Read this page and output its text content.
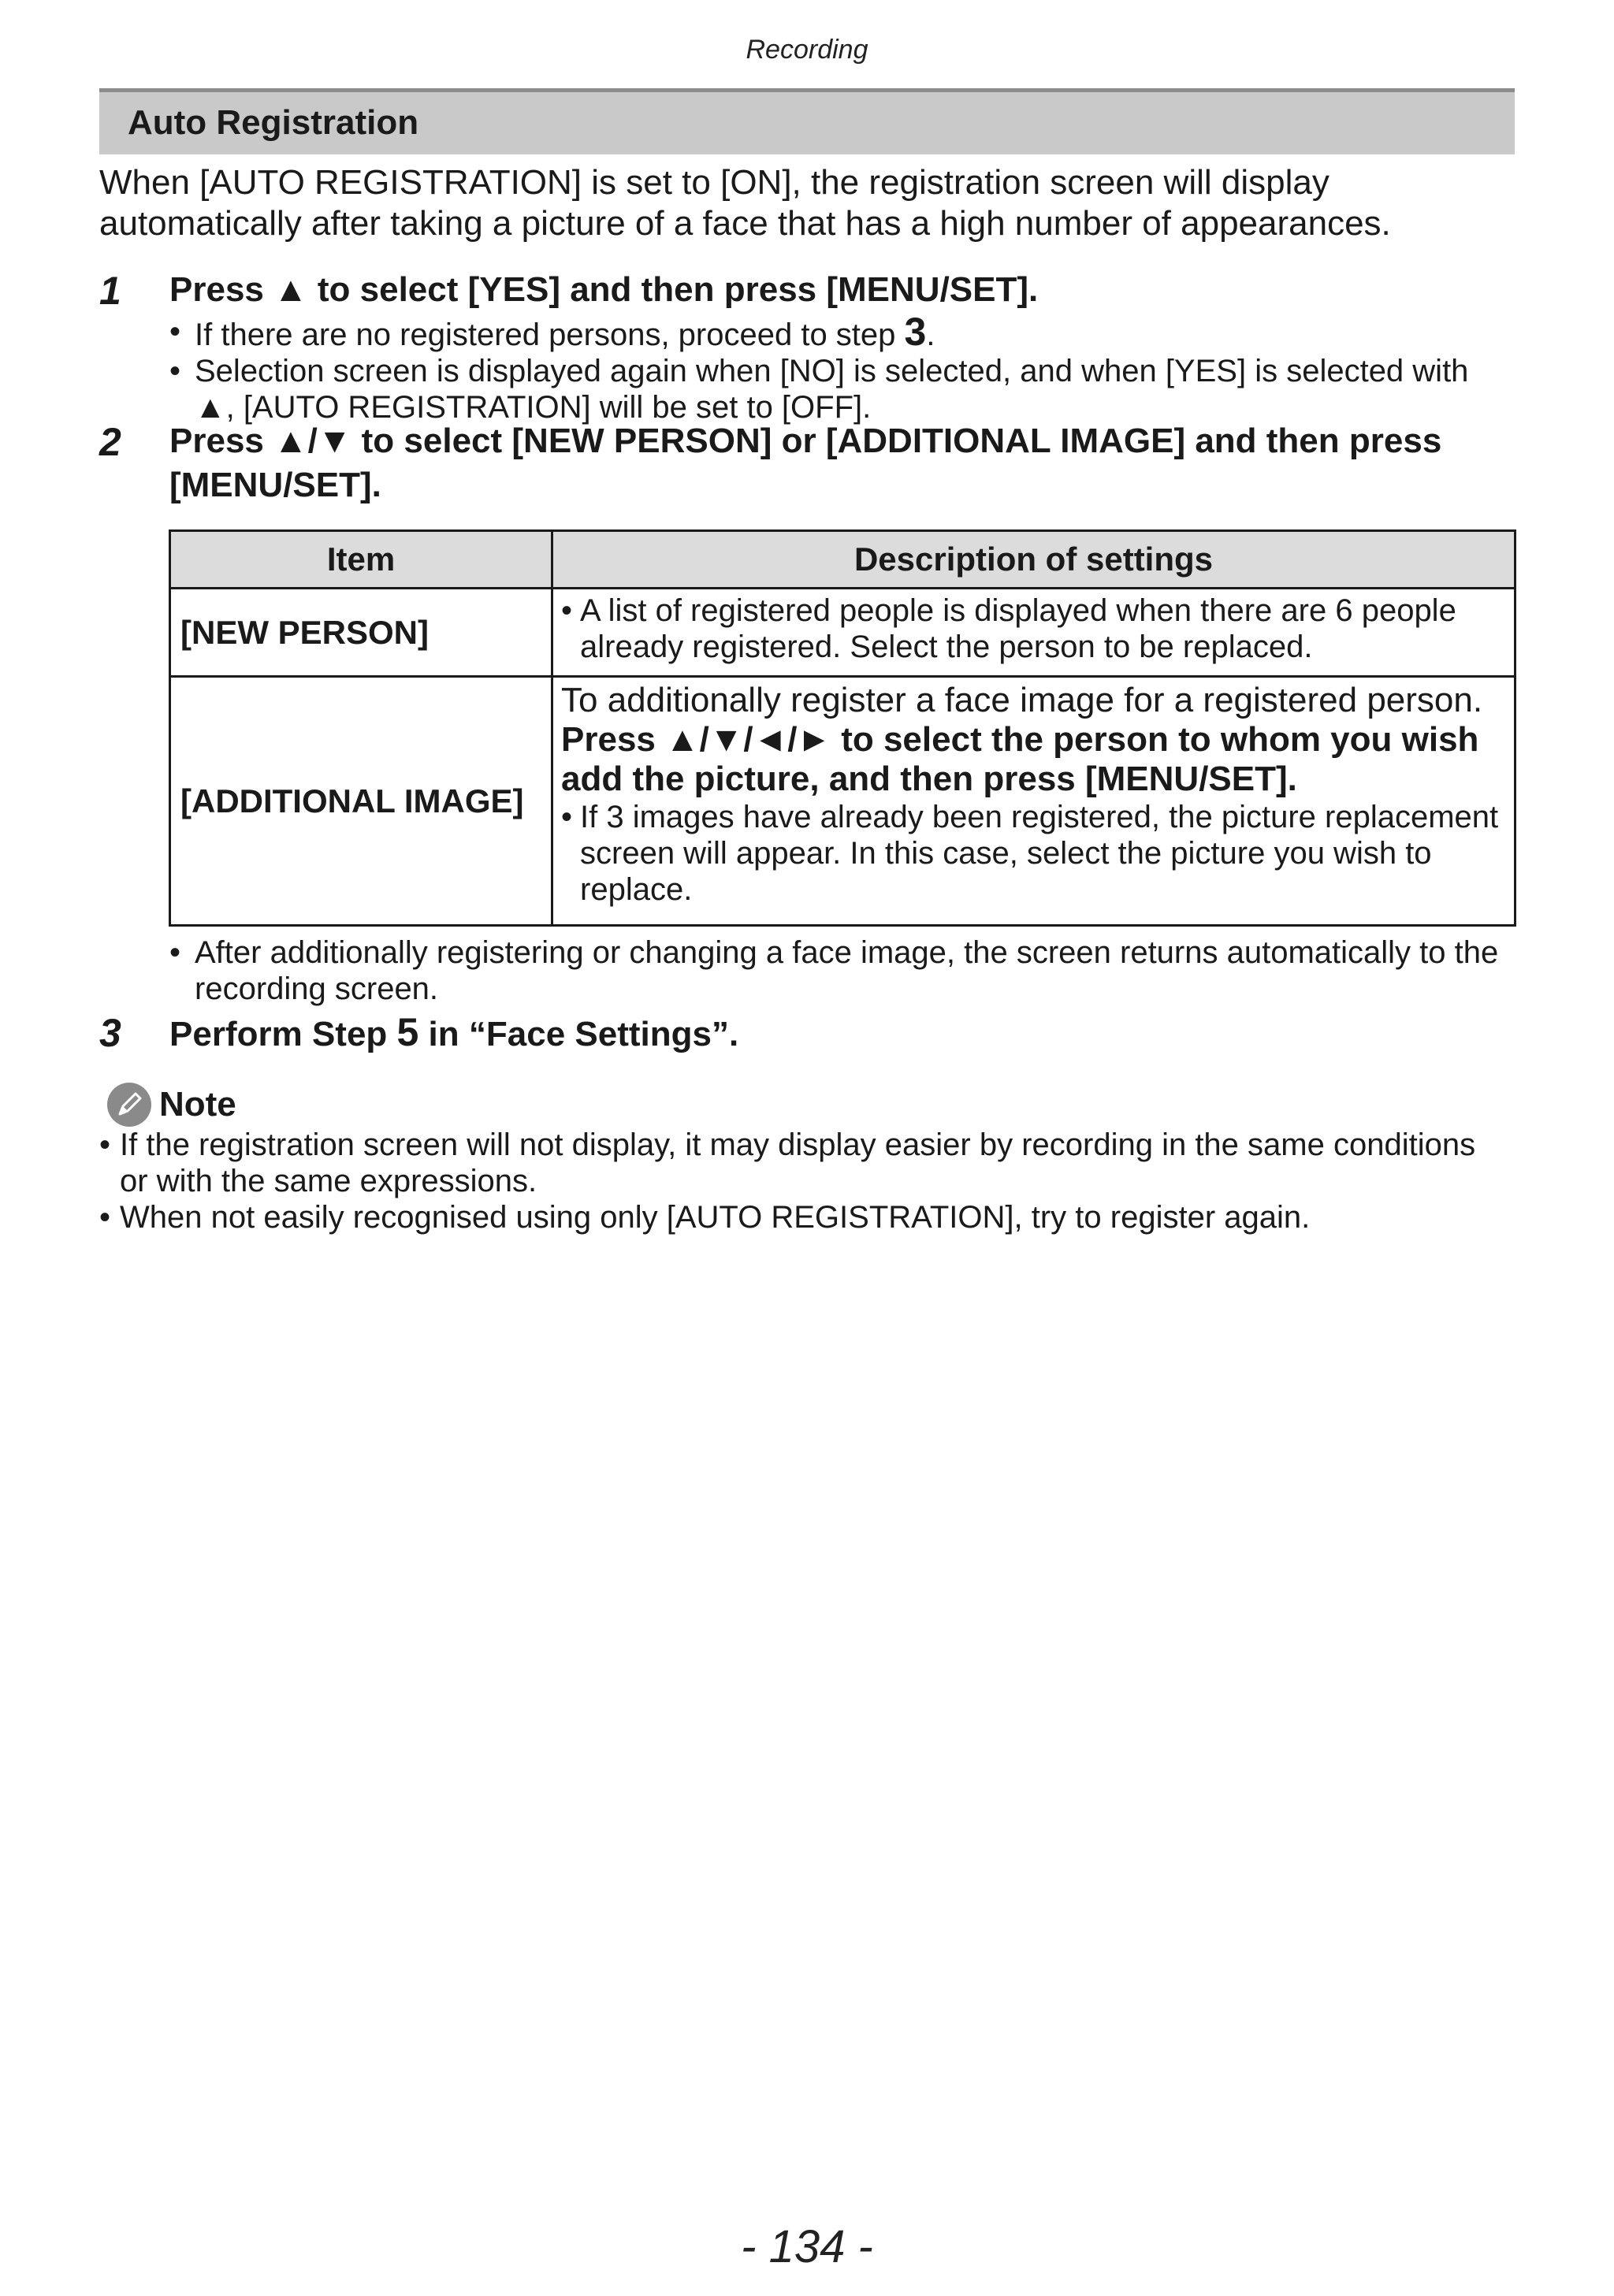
Recording
Auto Registration
When [AUTO REGISTRATION] is set to [ON], the registration screen will display automatically after taking a picture of a face that has a high number of appearances.
1 Press ▲ to select [YES] and then press [MENU/SET].
• If there are no registered persons, proceed to step 3.
• Selection screen is displayed again when [NO] is selected, and when [YES] is selected with ▲, [AUTO REGISTRATION] will be set to [OFF].
2 Press ▲/▼ to select [NEW PERSON] or [ADDITIONAL IMAGE] and then press [MENU/SET].
Item	Description of settings
[NEW PERSON]	• A list of registered people is displayed when there are 6 people already registered. Select the person to be replaced.

[ADDITIONAL IMAGE]	To additionally register a face image for a registered person.
Press ▲/▼/◄/► to select the person to whom you wish add the picture, and then press [MENU/SET].
• If 3 images have already been registered, the picture replacement screen will appear. In this case, select the picture you wish to replace.
• After additionally registering or changing a face image, the screen returns automatically to the recording screen.
3 Perform Step 5 in “Face Settings”.
Note
• If the registration screen will not display, it may display easier by recording in the same conditions or with the same expressions.
• When not easily recognised using only [AUTO REGISTRATION], try to register again.
- 134 -
